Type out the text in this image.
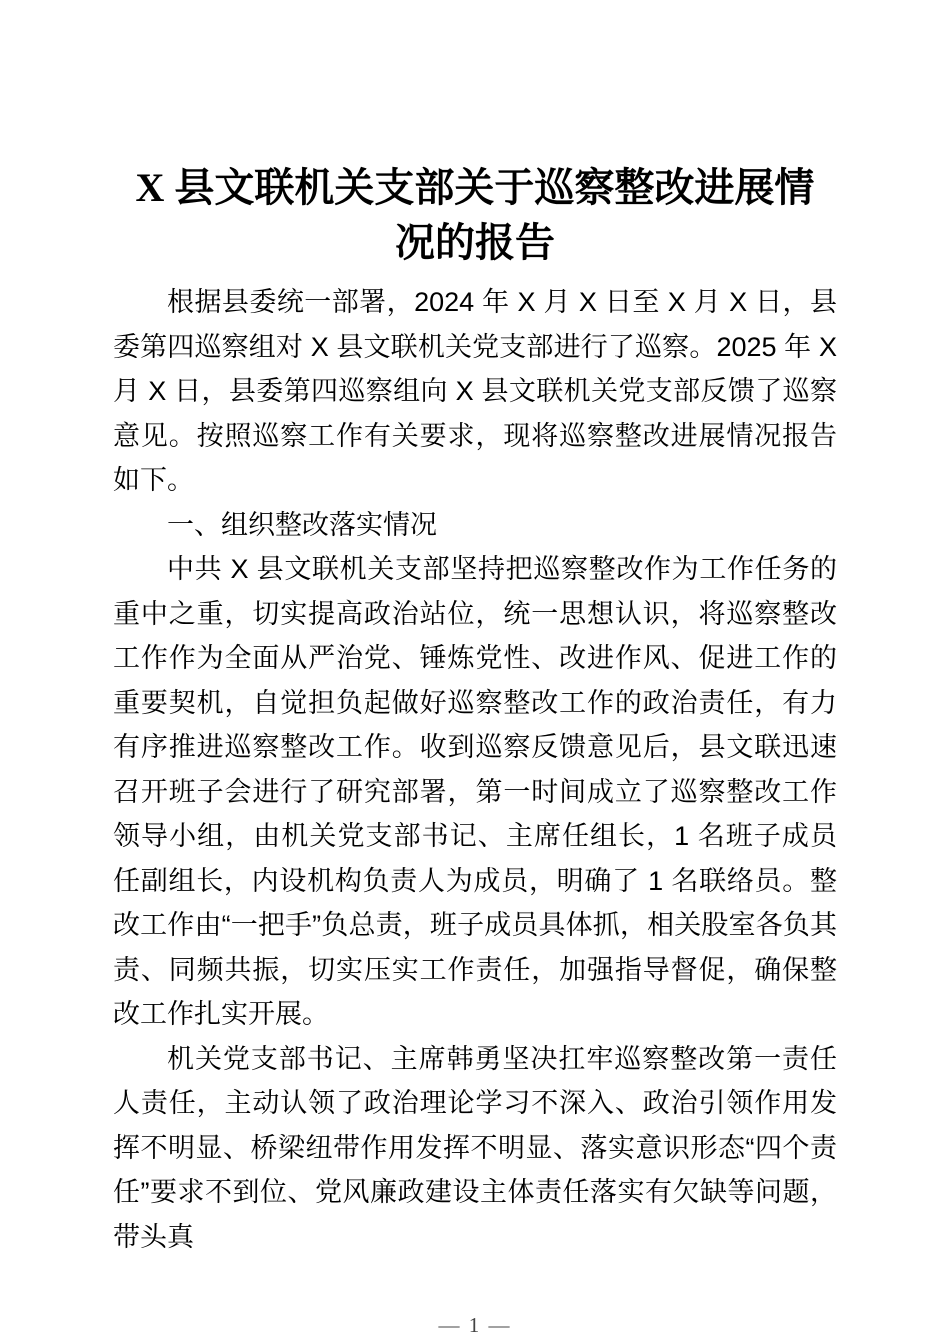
X 县文联机关支部关于巡察整改进展情况的报告

根据县委统一部署，2024 年 X 月 X 日至 X 月 X 日，县委第四巡察组对 X 县文联机关党支部进行了巡察。2025 年 X 月 X 日，县委第四巡察组向 X 县文联机关党支部反馈了巡察意见。按照巡察工作有关要求，现将巡察整改进展情况报告如下。

一、组织整改落实情况

中共 X 县文联机关支部坚持把巡察整改作为工作任务的重中之重，切实提高政治站位，统一思想认识，将巡察整改工作作为全面从严治党、锤炼党性、改进作风、促进工作的重要契机，自觉担负起做好巡察整改工作的政治责任，有力有序推进巡察整改工作。收到巡察反馈意见后，县文联迅速召开班子会进行了研究部署，第一时间成立了巡察整改工作领导小组，由机关党支部书记、主席任组长，1 名班子成员任副组长，内设机构负责人为成员，明确了 1 名联络员。整改工作由“一把手”负总责，班子成员具体抓，相关股室各负其责、同频共振，切实压实工作责任，加强指导督促，确保整改工作扎实开展。

机关党支部书记、主席韩勇坚决扛牢巡察整改第一责任人责任，主动认领了政治理论学习不深入、政治引领作用发挥不明显、桥梁纽带作用发挥不明显、落实意识形态“四个责任”要求不到位、党风廉政建设主体责任落实有欠缺等问题，带头真

— 1 —
